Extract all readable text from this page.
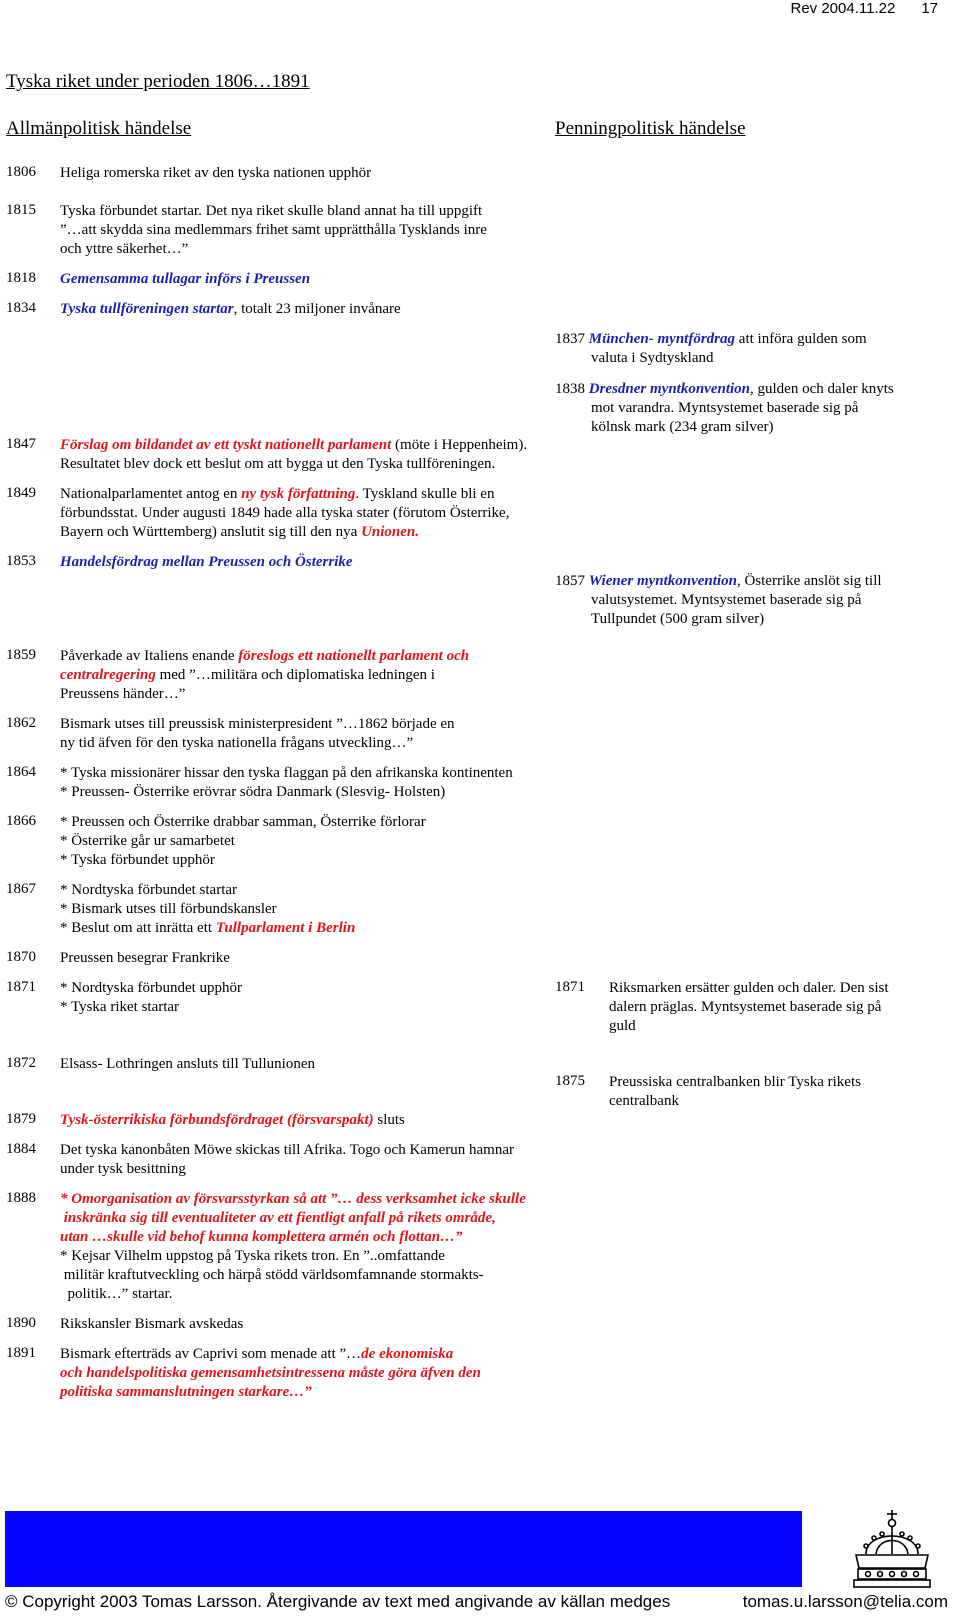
Rev 2004.11.22 17
Tyska riket under perioden 1806…1891
Allmänpolitisk händelse	Penningpolitisk händelse
1806	Heliga romerska riket av den tyska nationen upphör
1815	Tyska förbundet startar. Det nya riket skulle bland annat ha till uppgift
”…att skydda sina medlemmars frihet samt upprätthålla Tysklands inre
och yttre säkerhet…”
1818	Gemensamma tullagar införs i Preussen
1834	Tyska tullföreningen startar, totalt 23 miljoner invånare
1847	Förslag om bildandet av ett tyskt nationellt parlament (möte i Heppenheim).
Resultatet blev dock ett beslut om att bygga ut den Tyska tullföreningen.
1849	Nationalparlamentet antog en ny tysk författning. Tyskland skulle bli en
förbundsstat. Under augusti 1849 hade alla tyska stater (förutom Österrike,
Bayern och Württemberg) anslutit sig till den nya Unionen.
1853	Handelsfördrag mellan Preussen och Österrike
1859	Påverkade av Italiens enande föreslogs ett nationellt parlament och
centralregering med ”…militära och diplomatiska ledningen i
Preussens händer…”
1862	Bismark utses till preussisk ministerpresident ”…1862 började en
ny tid äfven för den tyska nationella frågans utveckling…”
1864	* Tyska missionärer hissar den tyska flaggan på den afrikanska kontinenten
* Preussen- Österrike erövrar södra Danmark (Slesvig- Holsten)
1866	* Preussen och Österrike drabbar samman, Österrike förlorar
* Österrike går ur samarbetet
* Tyska förbundet upphör
1867	* Nordtyska förbundet startar
* Bismark utses till förbundskansler
* Beslut om att inrätta ett Tullparlament i Berlin
1870	Preussen besegrar Frankrike
1871	* Nordtyska förbundet upphör
* Tyska riket startar
1872	Elsass- Lothringen ansluts till Tullunionen
1879	Tysk-österrikiska förbundsfördraget (försvarspakt) sluts
1884	Det tyska kanonbåten Möwe skickas till Afrika. Togo och Kamerun hamnar
under tysk besittning
1888	* Omorganisation av försvarsstyrkan så att ”… dess verksamhet icke skulle
inskränka sig till eventualiteter av ett fientligt anfall på rikets område,
utan …skulle vid behof kunna komplettera armén och flottan…”
* Kejsar Vilhelm uppstog på Tyska rikets tron. En ”..omfattande
militär kraftutveckling och härpå stödd världsomfamnande stormakts-
politik…” startar.
1890	Rikskansler Bismark avskedas
1891	Bismark efterträds av Caprivi som menade att ”…de ekonomiska
och handelspolitiska gemensamhetsintressena måste göra äfven den
politiska sammanslutningen starkare…”
1837 München- myntfördrag att införa gulden som
valuta i Sydtyskland
1838 Dresdner myntkonvention, gulden och daler knyts
mot varandra. Myntsystemet baserade sig på
kölnsk mark (234 gram silver)
1857 Wiener myntkonvention, Österrike anslöt sig till
valutsystemet. Myntsystemet baserade sig på
Tullpundet (500 gram silver)
1871	Riksmarken ersätter gulden och daler. Den sist
dalern präglas. Myntsystemet baserade sig på
guld
1875	Preussiska centralbanken blir Tyska rikets
centralbank
© Copyright 2003 Tomas Larsson. Återgivande av text med angivande av källan medges	tomas.u.larsson@telia.com
